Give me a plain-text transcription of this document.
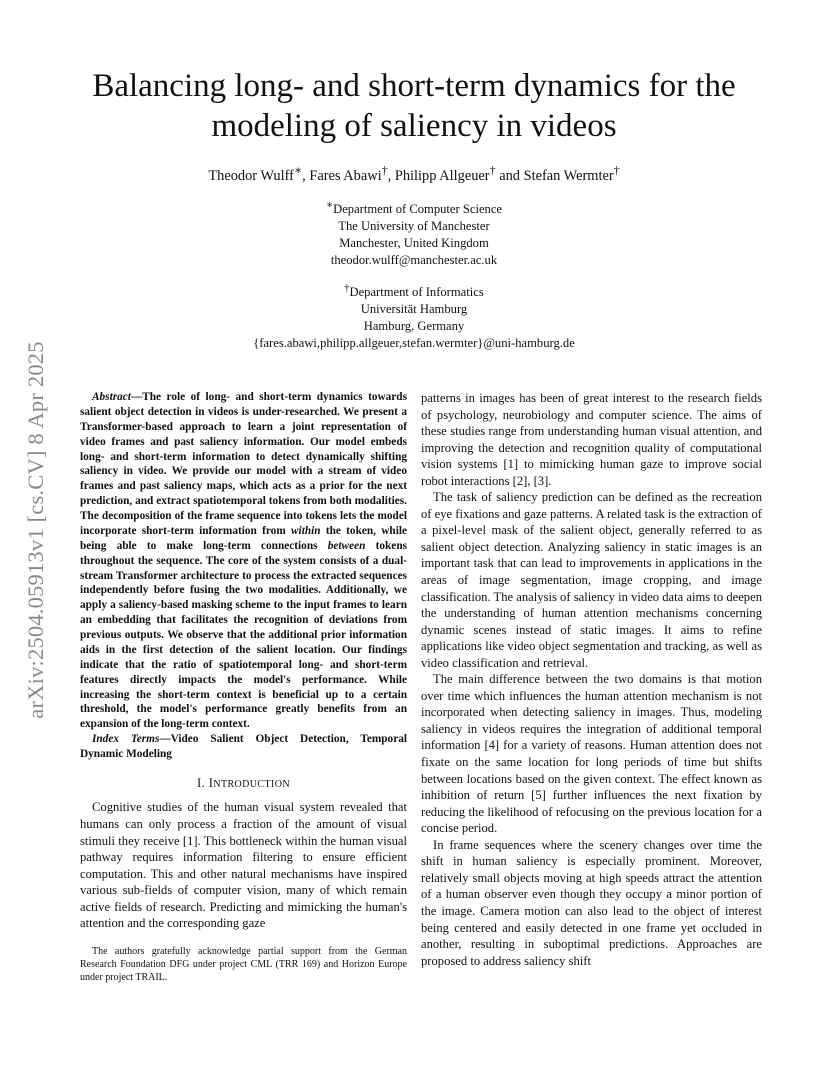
arXiv:2504.05913v1 [cs.CV] 8 Apr 2025
Balancing long- and short-term dynamics for the
modeling of saliency in videos
Theodor Wulff∗, Fares Abawi†, Philipp Allgeuer† and Stefan Wermter†
∗Department of Computer Science
The University of Manchester
Manchester, United Kingdom
theodor.wulff@manchester.ac.uk
†Department of Informatics
Universität Hamburg
Hamburg, Germany
{fares.abawi,philipp.allgeuer,stefan.wermter}@uni-hamburg.de

Abstract—The role of long- and short-term dynamics towards salient object detection in videos is under-researched. We present a Transformer-based approach to learn a joint representation of video frames and past saliency information. Our model embeds long- and short-term information to detect dynamically shifting saliency in video. We provide our model with a stream of video frames and past saliency maps, which acts as a prior for the next prediction, and extract spatiotemporal tokens from both modalities. The decomposition of the frame sequence into tokens lets the model incorporate short-term information from within the token, while being able to make long-term connections between tokens throughout the sequence. The core of the system consists of a dual-stream Transformer architecture to process the extracted sequences independently before fusing the two modalities. Additionally, we apply a saliency-based masking scheme to the input frames to learn an embedding that facilitates the recognition of deviations from previous outputs. We observe that the additional prior information aids in the first detection of the salient location. Our findings indicate that the ratio of spatiotemporal long- and short-term features directly impacts the model's performance. While increasing the short-term context is beneficial up to a certain threshold, the model's performance greatly benefits from an expansion of the long-term context.

Index Terms—Video Salient Object Detection, Temporal Dynamic Modeling

I. INTRODUCTION

Cognitive studies of the human visual system revealed that humans can only process a fraction of the amount of visual stimuli they receive [1]. This bottleneck within the human visual pathway requires information filtering to ensure efficient computation. This and other natural mechanisms have inspired various sub-fields of computer vision, many of which remain active fields of research. Predicting and mimicking the human's attention and the corresponding gaze

The authors gratefully acknowledge partial support from the German Research Foundation DFG under project CML (TRR 169) and Horizon Europe under project TRAIL.

patterns in images has been of great interest to the research fields of psychology, neurobiology and computer science. The aims of these studies range from understanding human visual attention, and improving the detection and recognition quality of computational vision systems [1] to mimicking human gaze to improve social robot interactions [2], [3].

The task of saliency prediction can be defined as the recreation of eye fixations and gaze patterns. A related task is the extraction of a pixel-level mask of the salient object, generally referred to as salient object detection. Analyzing saliency in static images is an important task that can lead to improvements in applications in the areas of image segmentation, image cropping, and image classification. The analysis of saliency in video data aims to deepen the understanding of human attention mechanisms concerning dynamic scenes instead of static images. It aims to refine applications like video object segmentation and tracking, as well as video classification and retrieval.

The main difference between the two domains is that motion over time which influences the human attention mechanism is not incorporated when detecting saliency in images. Thus, modeling saliency in videos requires the integration of additional temporal information [4] for a variety of reasons. Human attention does not fixate on the same location for long periods of time but shifts between locations based on the given context. The effect known as inhibition of return [5] further influences the next fixation by reducing the likelihood of refocusing on the previous location for a concise period.

In frame sequences where the scenery changes over time the shift in human saliency is especially prominent. Moreover, relatively small objects moving at high speeds attract the attention of a human observer even though they occupy a minor portion of the image. Camera motion can also lead to the object of interest being centered and easily detected in one frame yet occluded in another, resulting in suboptimal predictions. Approaches are proposed to address saliency shift
